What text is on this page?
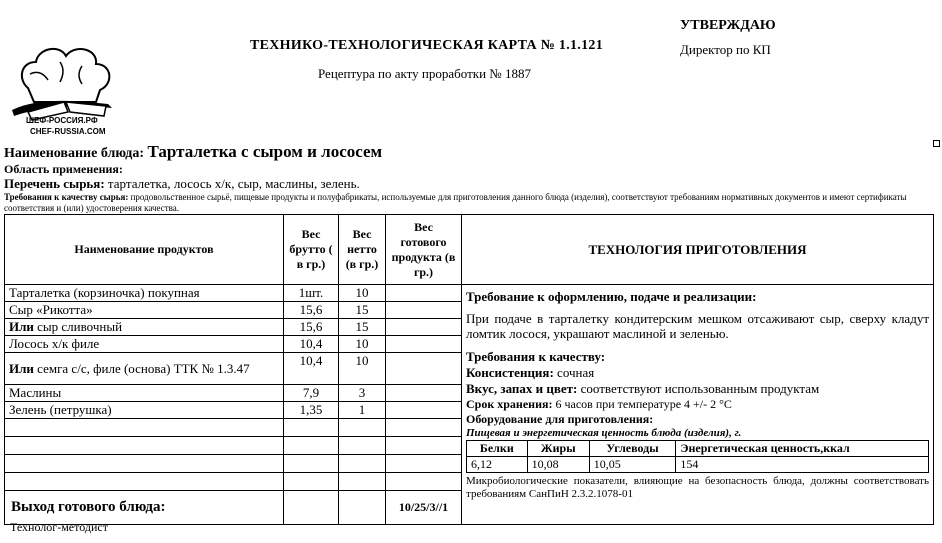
ШЕФ-РОССИЯ.РФ
CHEF-RUSSIA.COM
ТЕХНИКО-ТЕХНОЛОГИЧЕСКАЯ КАРТА № 1.1.121
Рецептура по акту проработки № 1887
УТВЕРЖДАЮ
Директор по КП
Наименование блюда: Тарталетка с сыром и лососем
Область применения:
Перечень сырья: тарталетка, лосось х/к, сыр, маслины, зелень.
Требования к качеству сырья: продовольственное сырьё, пищевые продукты и полуфабрикаты, используемые для приготовления данного блюда (изделия), соответствуют требованиям нормативных документов и имеют сертификаты соответствия и (или) удостоверения качества.
Наименование продуктов	Вес брутто ( в гр.)	Вес нетто (в гр.)	Вес готового продукта (в гр.)	ТЕХНОЛОГИЯ ПРИГОТОВЛЕНИЯ
Тарталетка (корзиночка) покупная	1шт.	10		Требование к оформлению, подаче и реализации:

При подаче в тарталетку кондитерским мешком отсаживают сыр, сверху кладут ломтик лосося, украшают маслиной и зеленью.

Требования к качеству:

Консистенция: сочная

Вкус, запах и цвет: соответствуют использованным продуктам

Срок хранения: 6 часов при температуре 4 +/- 2 °С

Оборудование для приготовления:

Пищевая и энергетическая ценность блюда (изделия), г.

Белки	Жиры	Углеводы	Энергетическая ценность,ккал
6,12	10,08	10,05	154

Микробиологические показатели, влияющие на безопасность блюда, должны соответствовать требованиям СанПиН 2.3.2.1078-01

Сыр «Рикотта»	15,6	15	
Или сыр сливочный	15,6	15	
Лосось х/к филе	10,4	10	
Или семга с/с, филе (основа) ТТК № 1.3.47	10,4	10	
Маслины	7,9	3	
Зелень (петрушка)	1,35	1	

Выход готового блюда:			10/25/3//1
Технолог-методист
